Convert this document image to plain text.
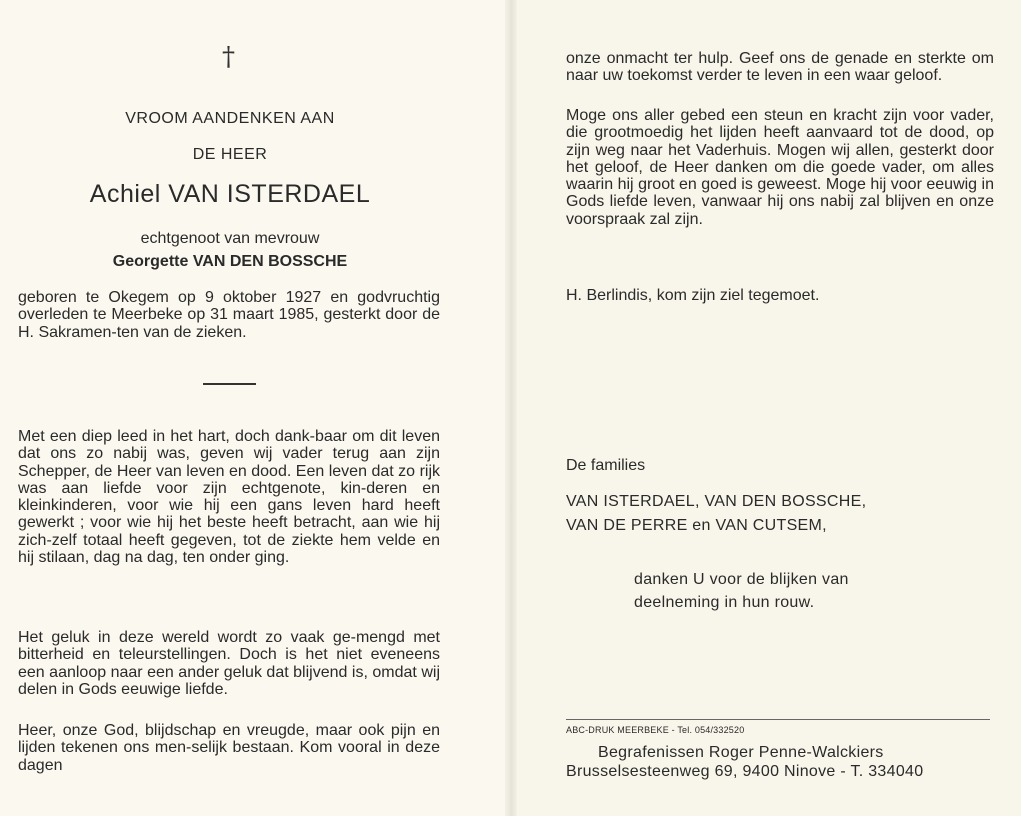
†
VROOM AANDENKEN AAN
DE HEER
Achiel VAN ISTERDAEL
echtgenoot van mevrouw
Georgette VAN DEN BOSSCHE

geboren te Okegem op 9 oktober 1927 en godvruchtig overleden te Meerbeke op 31 maart 1985, gesterkt door de H. Sakramen-ten van de zieken.

Met een diep leed in het hart, doch dank-baar om dit leven dat ons zo nabij was, geven wij vader terug aan zijn Schepper, de Heer van leven en dood. Een leven dat zo rijk was aan liefde voor zijn echtgenote, kin-deren en kleinkinderen, voor wie hij een gans leven hard heeft gewerkt ; voor wie hij het beste heeft betracht, aan wie hij zich-zelf totaal heeft gegeven, tot de ziekte hem velde en hij stilaan, dag na dag, ten onder ging.

Het geluk in deze wereld wordt zo vaak ge-mengd met bitterheid en teleurstellingen. Doch is het niet eveneens een aanloop naar een ander geluk dat blijvend is, omdat wij delen in Gods eeuwige liefde.

Heer, onze God, blijdschap en vreugde, maar ook pijn en lijden tekenen ons men-selijk bestaan. Kom vooral in deze dagen

onze onmacht ter hulp. Geef ons de genade en sterkte om naar uw toekomst verder te leven in een waar geloof.

Moge ons aller gebed een steun en kracht zijn voor vader, die grootmoedig het lijden heeft aanvaard tot de dood, op zijn weg naar het Vaderhuis. Mogen wij allen, gesterkt door het geloof, de Heer danken om die goede vader, om alles waarin hij groot en goed is geweest. Moge hij voor eeuwig in Gods liefde leven, vanwaar hij ons nabij zal blijven en onze voorspraak zal zijn.

H. Berlindis, kom zijn ziel tegemoet.

De families
VAN ISTERDAEL, VAN DEN BOSSCHE,
VAN DE PERRE en VAN CUTSEM,
danken U voor de blijken van
deelneming in hun rouw.
ABC-DRUK MEERBEKE - Tel. 054/332520
Begrafenissen Roger Penne-Walckiers
Brusselsesteenweg 69, 9400 Ninove - T. 334040
